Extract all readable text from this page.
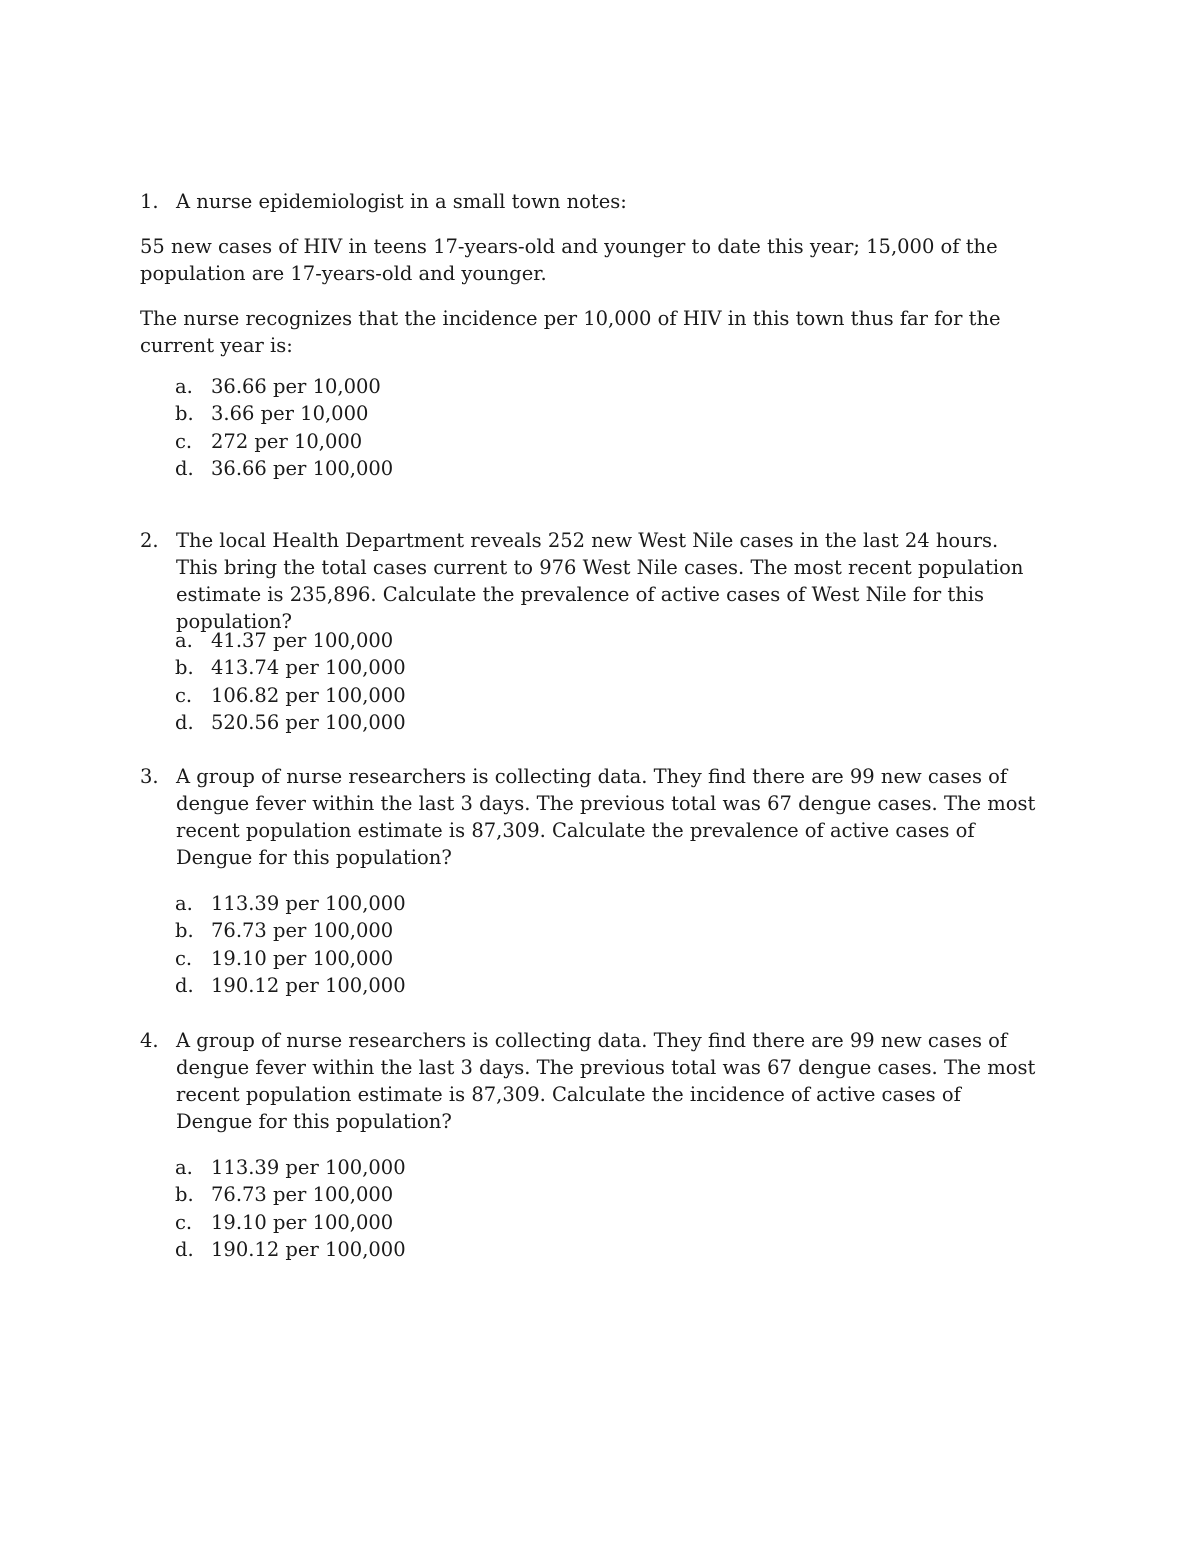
1. A nurse epidemiologist in a small town notes:

55 new cases of HIV in teens 17-years-old and younger to date this year; 15,000 of the population are 17-years-old and younger.

The nurse recognizes that the incidence per 10,000 of HIV in this town thus far for the current year is:

a. 36.66 per 10,000
b. 3.66 per 10,000
c. 272 per 10,000
d. 36.66 per 100,000
2. The local Health Department reveals 252 new West Nile cases in the last 24 hours. This bring the total cases current to 976 West Nile cases. The most recent population estimate is 235,896. Calculate the prevalence of active cases of West Nile for this population?
a. 41.37 per 100,000
b. 413.74 per 100,000
c. 106.82 per 100,000
d. 520.56 per 100,000
3. A group of nurse researchers is collecting data. They find there are 99 new cases of dengue fever within the last 3 days. The previous total was 67 dengue cases. The most recent population estimate is 87,309. Calculate the prevalence of active cases of Dengue for this population?
a. 113.39 per 100,000
b. 76.73 per 100,000
c. 19.10 per 100,000
d. 190.12 per 100,000
4. A group of nurse researchers is collecting data. They find there are 99 new cases of dengue fever within the last 3 days. The previous total was 67 dengue cases. The most recent population estimate is 87,309. Calculate the incidence of active cases of Dengue for this population?
a. 113.39 per 100,000
b. 76.73 per 100,000
c. 19.10 per 100,000
d. 190.12 per 100,000
